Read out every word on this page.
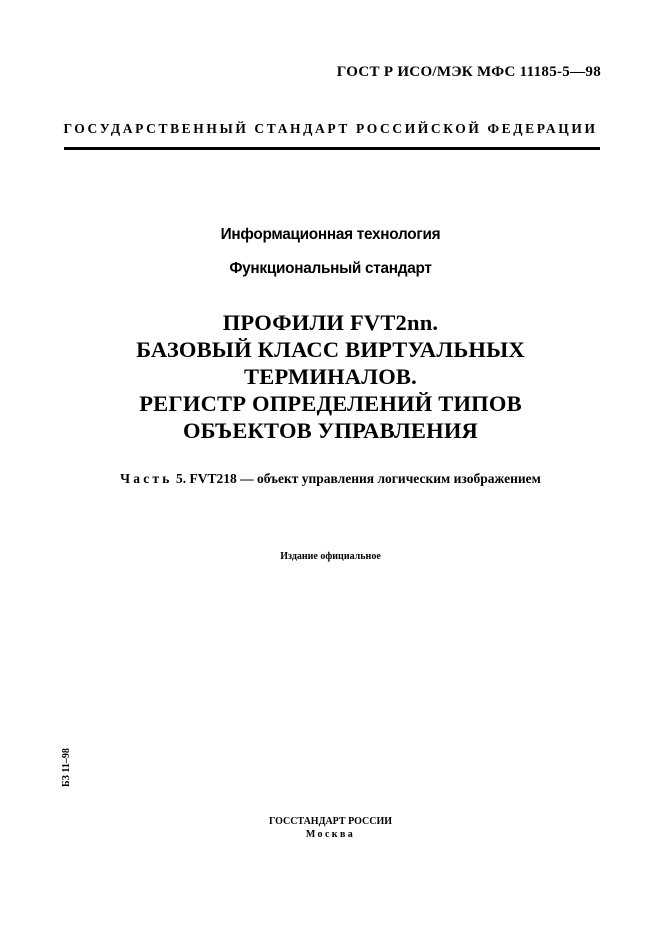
ГОСТ Р ИСО/МЭК МФС 11185-5—98
ГОСУДАРСТВЕННЫЙ СТАНДАРТ РОССИЙСКОЙ ФЕДЕРАЦИИ
Информационная технология
Функциональный стандарт
ПРОФИЛИ FVT2nn.
БАЗОВЫЙ КЛАСС ВИРТУАЛЬНЫХ
ТЕРМИНАЛОВ.
РЕГИСТР ОПРЕДЕЛЕНИЙ ТИПОВ
ОБЪЕКТОВ УПРАВЛЕНИЯ
Часть 5. FVT218 — объект управления логическим изображением
Издание официальное
БЗ 11–98
ГОССТАНДАРТ РОССИИ
Москва
